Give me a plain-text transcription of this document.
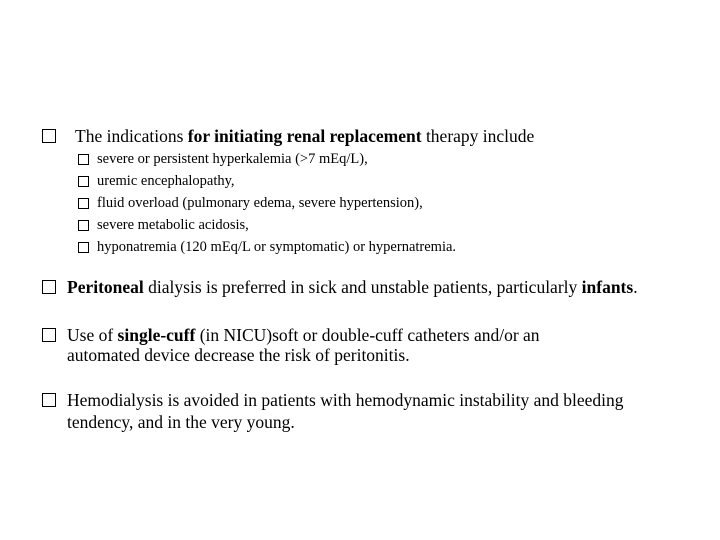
The indications for initiating renal replacement therapy include
severe or persistent hyperkalemia (>7 mEq/L),
uremic encephalopathy,
fluid overload (pulmonary edema, severe hypertension),
severe metabolic acidosis,
hyponatremia (120 mEq/L or symptomatic) or hypernatremia.
Peritoneal dialysis is preferred in sick and unstable patients, particularly infants.
Use of single-cuff (in NICU)soft or double-cuff catheters and/or an
automated device decrease the risk of peritonitis.
Hemodialysis is avoided in patients with hemodynamic instability and bleeding
tendency, and in the very young.
